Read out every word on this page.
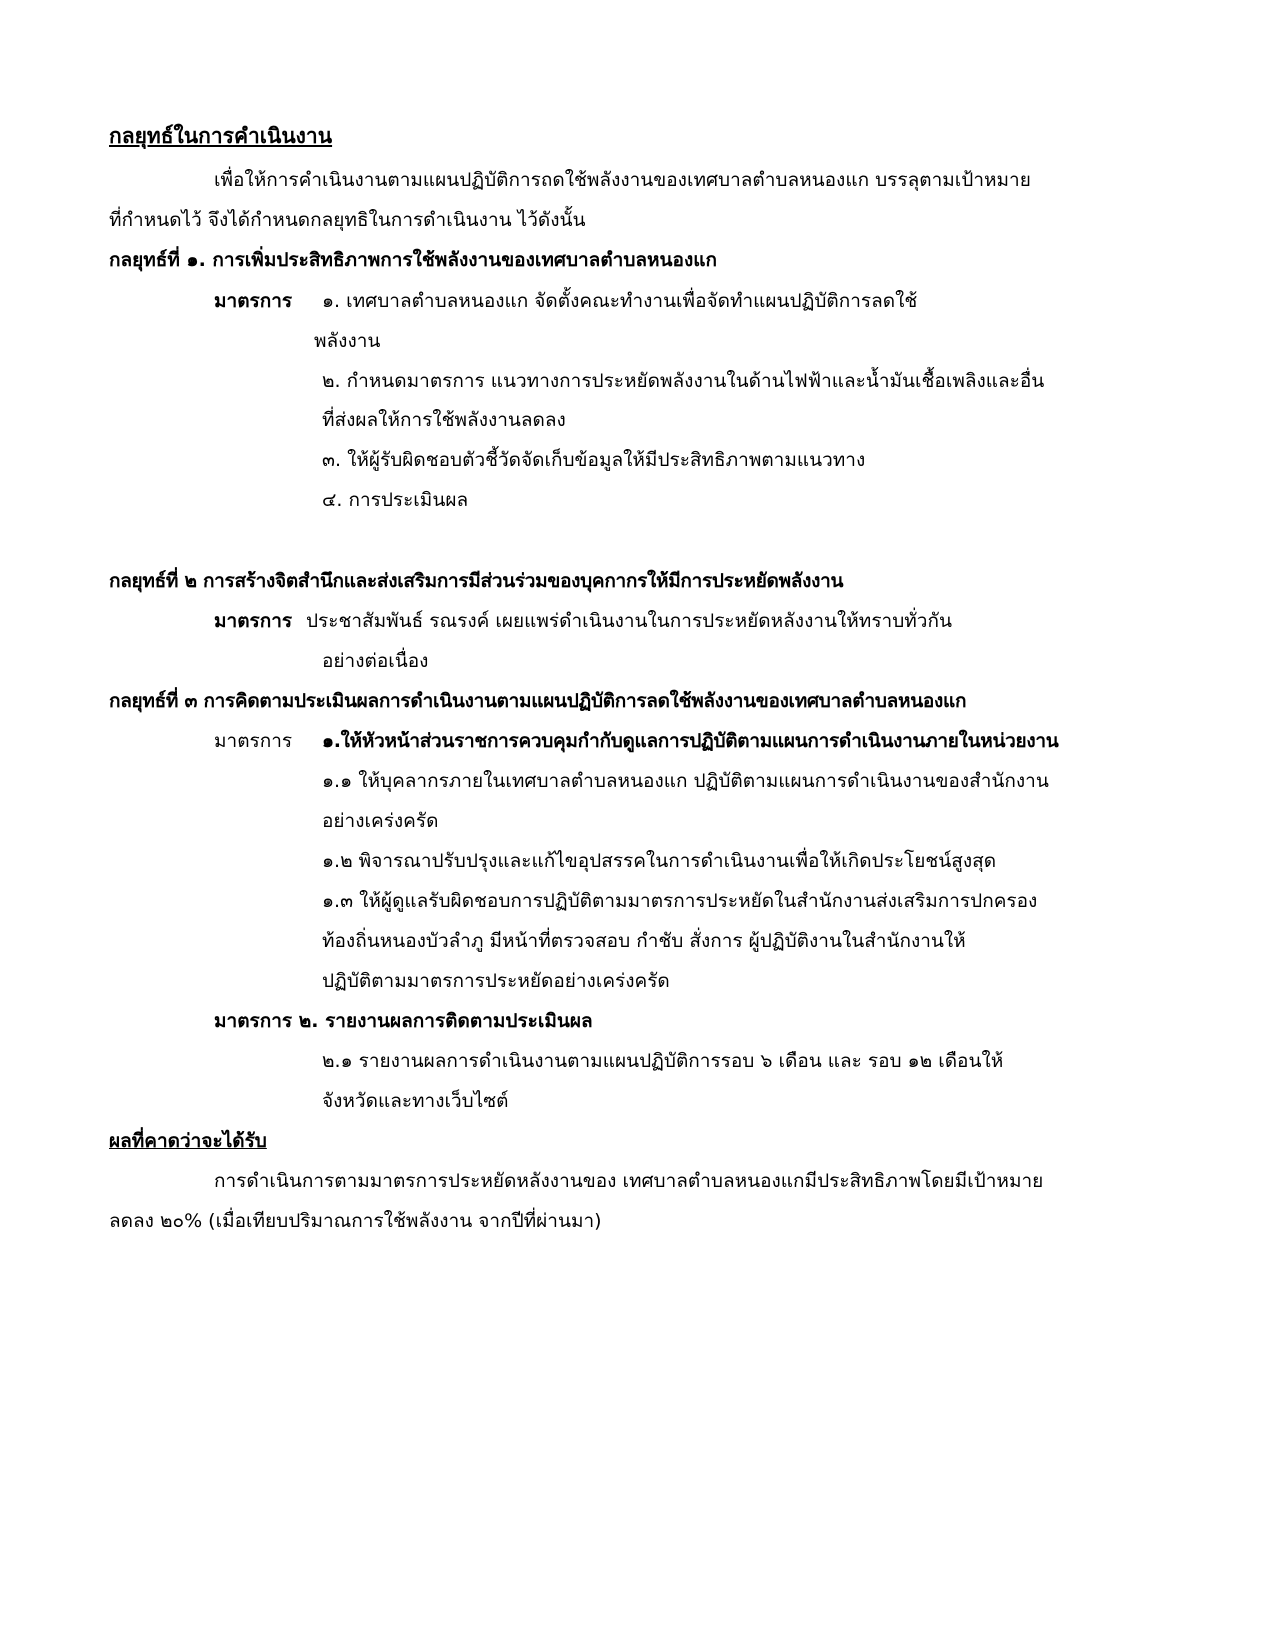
กลยุทธ์ในการคำเนินงาน
เพื่อให้การคำเนินงานตามแผนปฏิบัติการถดใช้พลังงานของเทศบาลตำบลหนองแก บรรลุตามเป้าหมาย
ที่กำหนดไว้ จึงได้กำหนดกลยุทธิในการดำเนินงาน ไว้ดังนั้น
กลยุทธ์ที่ ๑. การเพิ่มประสิทธิภาพการใช้พลังงานของเทศบาลตำบลหนองแก
มาตรการ ๑. เทศบาลตำบลหนองแก จัดตั้งคณะทำงานเพื่อจัดทำแผนปฏิบัติการลดใช้
พลังงาน
๒. กำหนดมาตรการ แนวทางการประหยัดพลังงานในด้านไฟฟ้าและน้ำมันเชื้อเพลิงและอื่น
ที่ส่งผลให้การใช้พลังงานลดลง
๓. ให้ผู้รับผิดชอบตัวชี้วัดจัดเก็บข้อมูลให้มีประสิทธิภาพตามแนวทาง
๔. การประเมินผล
กลยุทธ์ที่ ๒ การสร้างจิตสำนึกและส่งเสริมการมีส่วนร่วมของบุคกากรให้มีการประหยัดพลังงาน
มาตรการ ประชาสัมพันธ์ รณรงค์ เผยแพร่ดำเนินงานในการประหยัดหลังงานให้ทราบทั่วกัน
อย่างต่อเนื่อง
กลยุทธ์ที่ ๓ การคิดตามประเมินผลการดำเนินงานตามแผนปฏิบัติการลดใช้พลังงานของเทศบาลตำบลหนองแก
มาตรการ ๑.ให้หัวหน้าส่วนราชการควบคุมกำกับดูแลการปฏิบัติตามแผนการดำเนินงานภายในหน่วยงาน
๑.๑ ให้บุคลากรภายในเทศบาลตำบลหนองแก ปฏิบัติตามแผนการดำเนินงานของสำนักงาน
อย่างเคร่งครัด
๑.๒ พิจารณาปรับปรุงและแก้ไขอุปสรรคในการดำเนินงานเพื่อให้เกิดประโยชน์สูงสุด
๑.๓ ให้ผู้ดูแลรับผิดชอบการปฏิบัติตามมาตรการประหยัดในสำนักงานส่งเสริมการปกครอง
ท้องถิ่นหนองบัวลำภู มีหน้าที่ตรวจสอบ กำชับ สั่งการ ผู้ปฏิบัติงานในสำนักงานให้
ปฏิบัติตามมาตรการประหยัดอย่างเคร่งครัด
มาตรการ ๒. รายงานผลการติดตามประเมินผล
๒.๑ รายงานผลการดำเนินงานตามแผนปฏิบัติการรอบ ๖ เดือน และ รอบ ๑๒ เดือนให้
จังหวัดและทางเว็บไซต์
ผลที่คาดว่าจะได้รับ
การดำเนินการตามมาตรการประหยัดหลังงานของ เทศบาลตำบลหนองแกมีประสิทธิภาพโดยมีเป้าหมาย
ลดลง ๒๐% (เมื่อเทียบปริมาณการใช้พลังงาน จากปีที่ผ่านมา)
